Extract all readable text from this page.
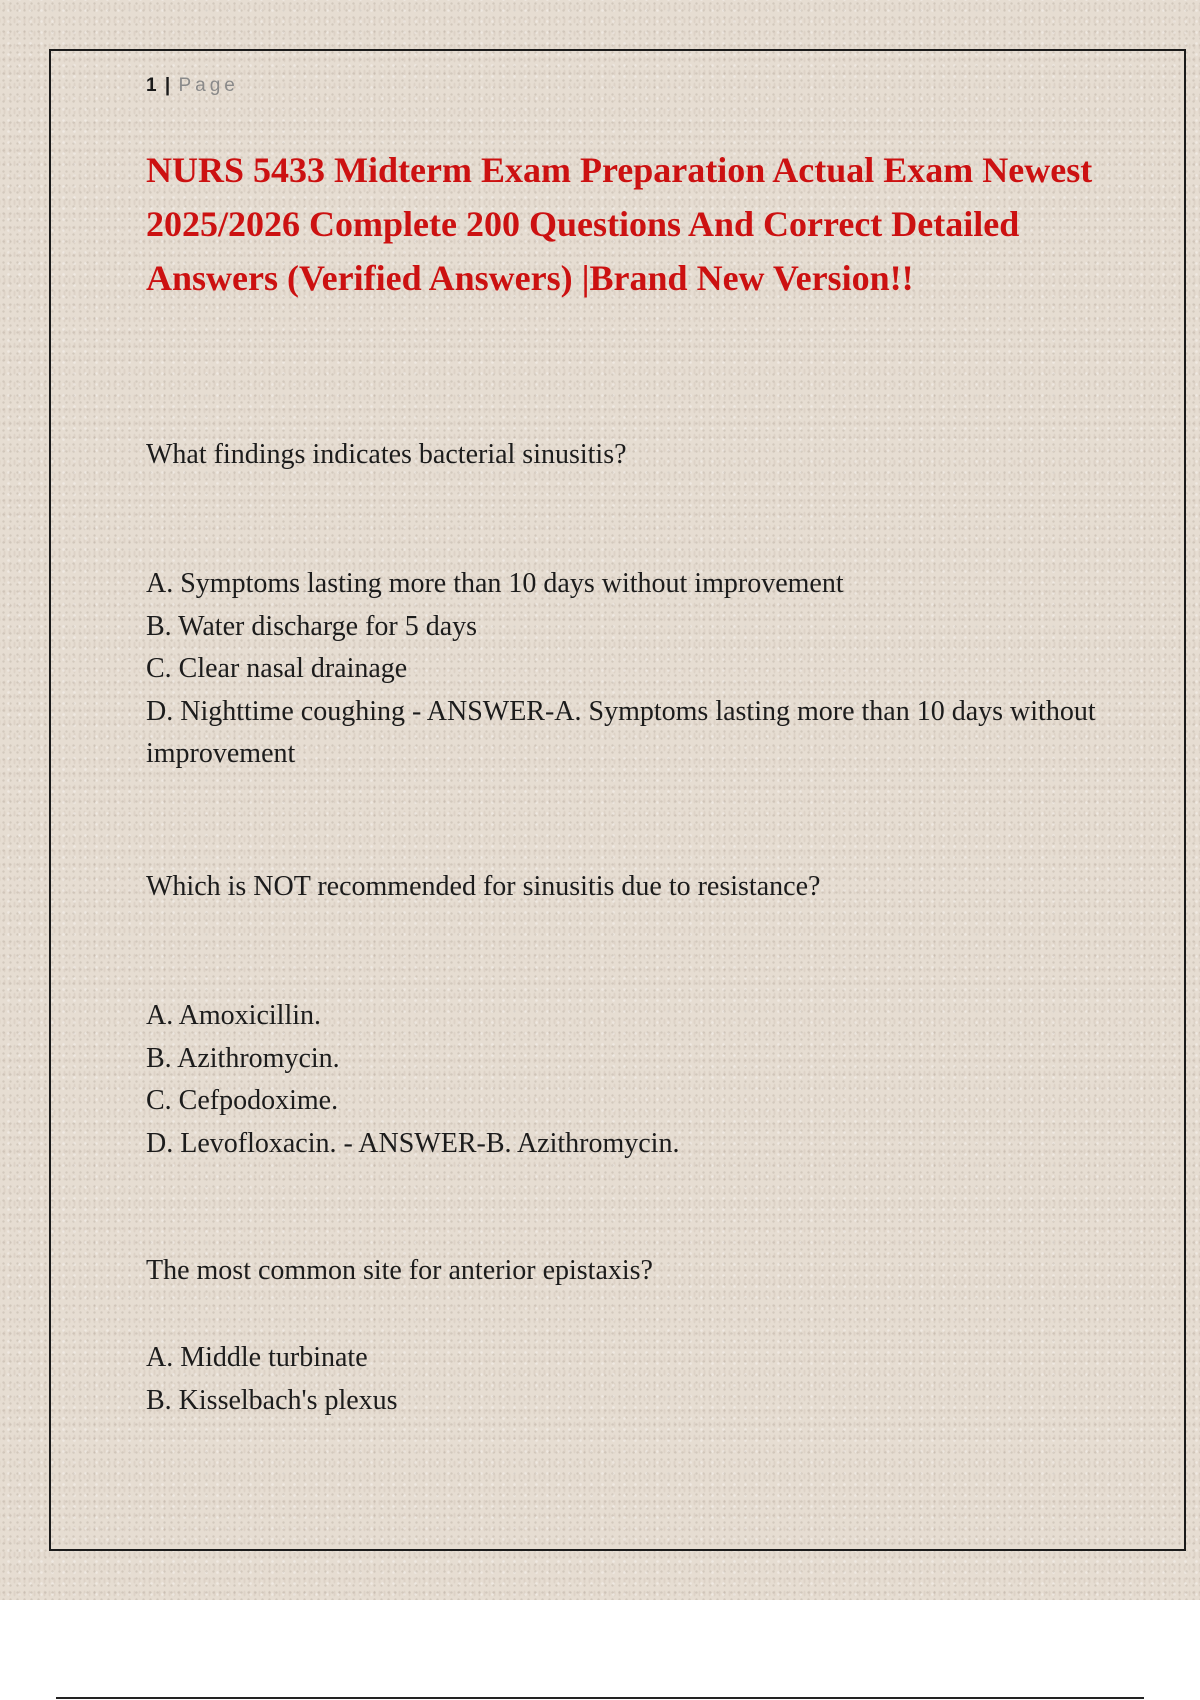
1 | Page
NURS 5433 Midterm Exam Preparation Actual Exam Newest 2025/2026 Complete 200 Questions And Correct Detailed Answers (Verified Answers) |Brand New Version!!

What findings indicates bacterial sinusitis?

A. Symptoms lasting more than 10 days without improvement
B. Water discharge for 5 days
C. Clear nasal drainage
D. Nighttime coughing - ANSWER-A. Symptoms lasting more than 10 days without improvement

Which is NOT recommended for sinusitis due to resistance?

A. Amoxicillin.
B. Azithromycin.
C. Cefpodoxime.
D. Levofloxacin. - ANSWER-B. Azithromycin.

The most common site for anterior epistaxis?

A. Middle turbinate
B. Kisselbach's plexus
